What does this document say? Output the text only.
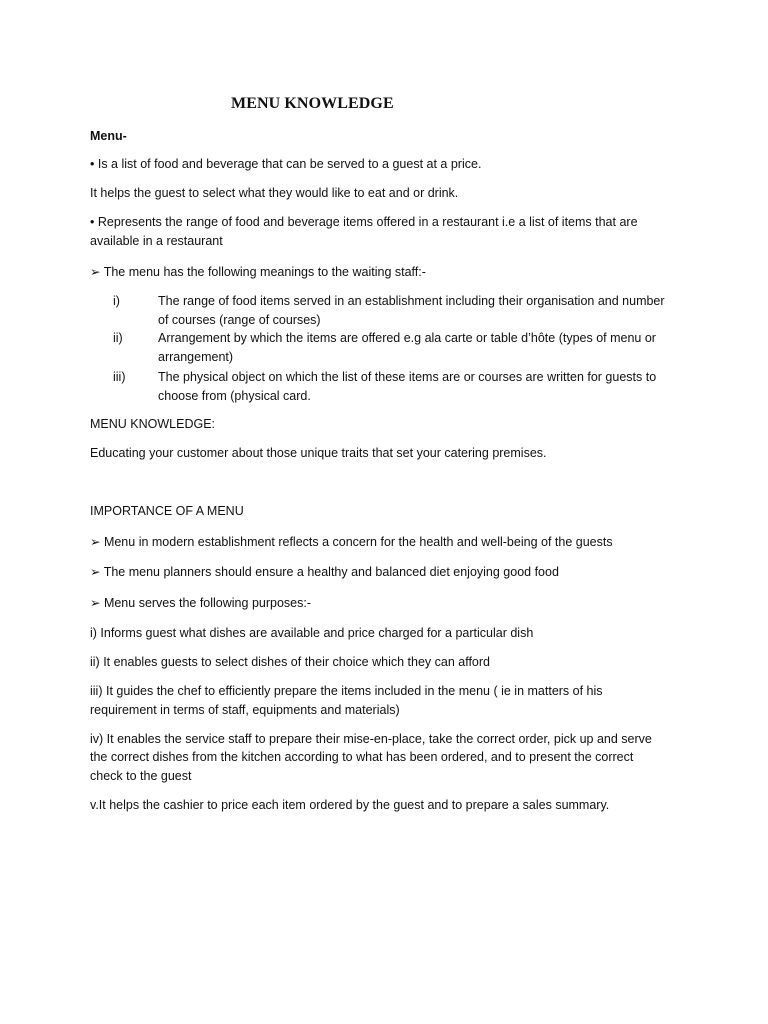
MENU KNOWLEDGE
Menu-
• Is a list of food and beverage that can be served to a guest at a price.
It helps the guest to select what they would like to eat and or drink.
• Represents the range of food and beverage items offered in a restaurant i.e a list of items that are
available in a restaurant
➢ The menu has the following meanings to the waiting staff:-
i)	The range of food items served in an establishment including their organisation and number
of courses (range of courses)
ii)	Arrangement by which the items are offered e.g ala carte or table d’hôte (types of menu or
arrangement)
iii)	The physical object on which the list of these items are or courses are written for guests to
choose from (physical card.
MENU KNOWLEDGE:
Educating your customer about those unique traits that set your catering premises.
IMPORTANCE OF A MENU
➢ Menu in modern establishment reflects a concern for the health and well-being of the guests
➢ The menu planners should ensure a healthy and balanced diet enjoying good food
➢ Menu serves the following purposes:-
i) Informs guest what dishes are available and price charged for a particular dish
ii) It enables guests to select dishes of their choice which they can afford
iii) It guides the chef to efficiently prepare the items included in the menu ( ie in matters of his
requirement in terms of staff, equipments and materials)
iv) It enables the service staff to prepare their mise-en-place, take the correct order, pick up and serve
the correct dishes from the kitchen according to what has been ordered, and to present the correct
check to the guest
v.It helps the cashier to price each item ordered by the guest and to prepare a sales summary.
